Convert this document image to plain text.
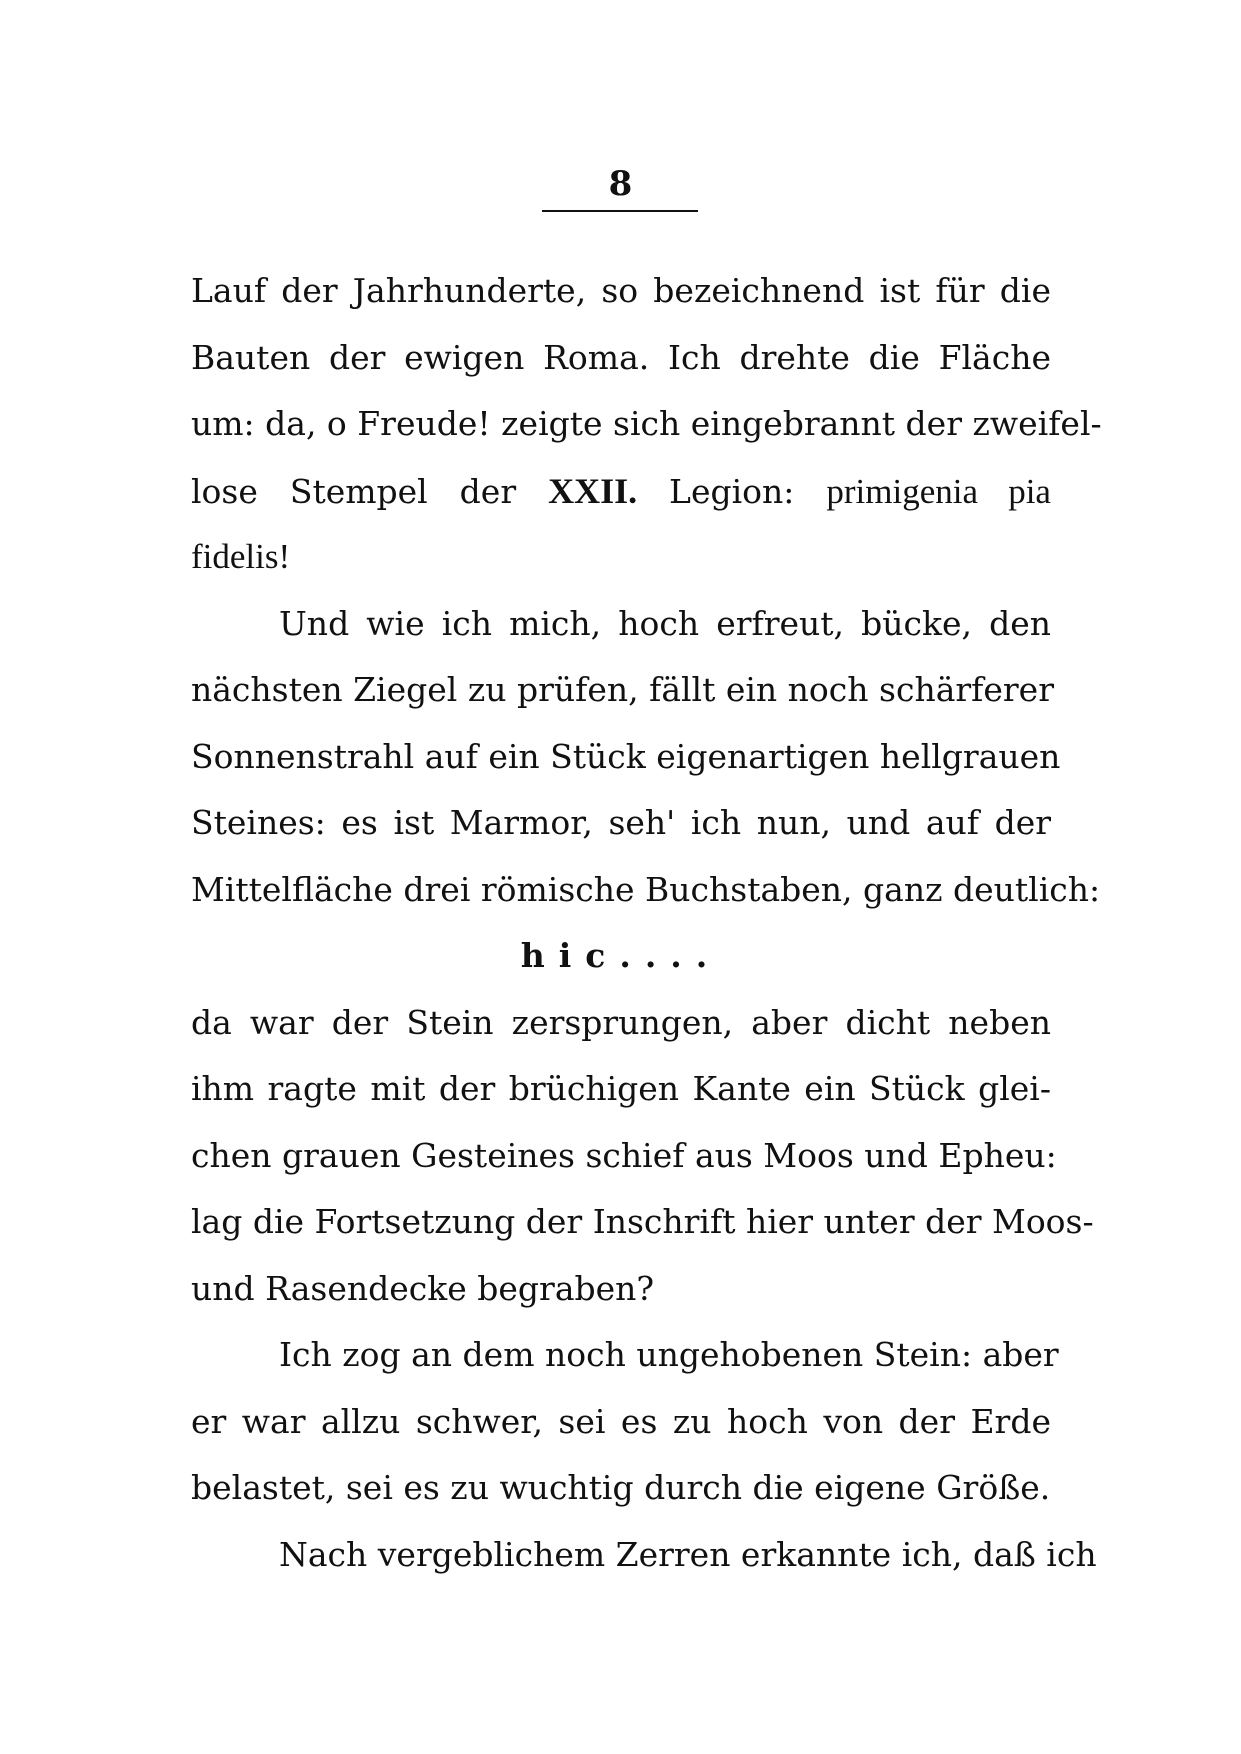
8
Lauf der Jahrhunderte, so bezeichnend ist für die
Bauten der ewigen Roma. Ich drehte die Fläche
um: da, o Freude! zeigte sich eingebrannt der zweifel-
lose Stempel der XXII. Legion: primigenia pia
fidelis!
Und wie ich mich, hoch erfreut, bücke, den
nächsten Ziegel zu prüfen, fällt ein noch schärferer
Sonnenstrahl auf ein Stück eigenartigen hellgrauen
Steines: es ist Marmor, seh' ich nun, und auf der
Mittelfläche drei römische Buchstaben, ganz deutlich:
hic....
da war der Stein zersprungen, aber dicht neben
ihm ragte mit der brüchigen Kante ein Stück glei-
chen grauen Gesteines schief aus Moos und Epheu:
lag die Fortsetzung der Inschrift hier unter der Moos-
und Rasendecke begraben?
Ich zog an dem noch ungehobenen Stein: aber
er war allzu schwer, sei es zu hoch von der Erde
belastet, sei es zu wuchtig durch die eigene Größe.
Nach vergeblichem Zerren erkannte ich, daß ich
